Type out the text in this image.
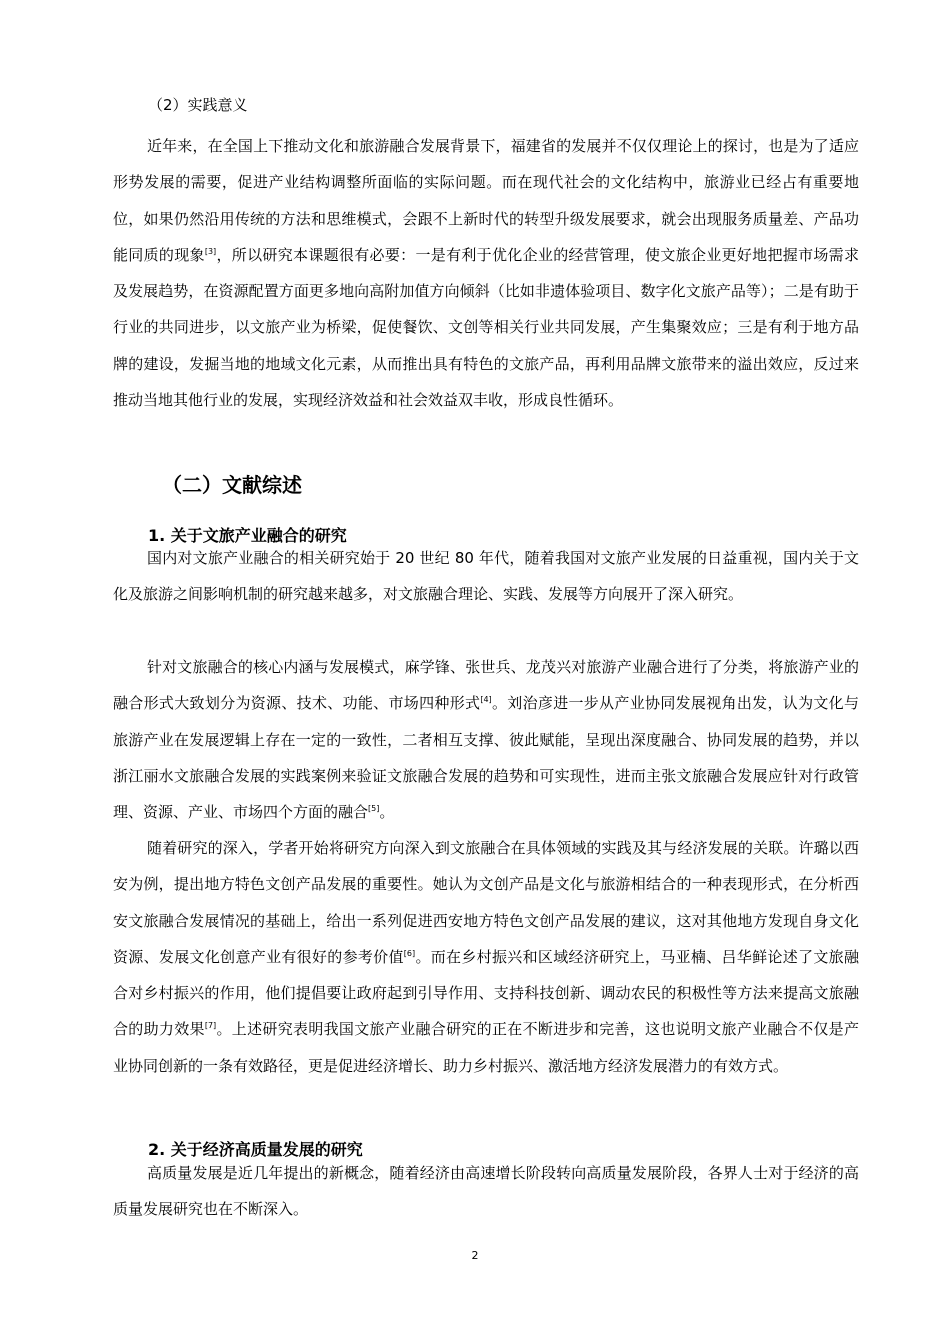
（2）实践意义

近年来，在全国上下推动文化和旅游融合发展背景下，福建省的发展并不仅仅理论上的探讨，也是为了适应形势发展的需要，促进产业结构调整所面临的实际问题。而在现代社会的文化结构中，旅游业已经占有重要地位，如果仍然沿用传统的方法和思维模式，会跟不上新时代的转型升级发展要求，就会出现服务质量差、产品功能同质的现象[3]，所以研究本课题很有必要：一是有利于优化企业的经营管理，使文旅企业更好地把握市场需求及发展趋势，在资源配置方面更多地向高附加值方向倾斜（比如非遗体验项目、数字化文旅产品等）；二是有助于行业的共同进步，以文旅产业为桥梁，促使餐饮、文创等相关行业共同发展，产生集聚效应；三是有利于地方品牌的建设，发掘当地的地域文化元素，从而推出具有特色的文旅产品，再利用品牌文旅带来的溢出效应，反过来推动当地其他行业的发展，实现经济效益和社会效益双丰收，形成良性循环。

（二）文献综述
1. 关于文旅产业融合的研究

国内对文旅产业融合的相关研究始于 20 世纪 80 年代，随着我国对文旅产业发展的日益重视，国内关于文化及旅游之间影响机制的研究越来越多，对文旅融合理论、实践、发展等方向展开了深入研究。

针对文旅融合的核心内涵与发展模式，麻学锋、张世兵、龙茂兴对旅游产业融合进行了分类，将旅游产业的融合形式大致划分为资源、技术、功能、市场四种形式[4]。刘治彦进一步从产业协同发展视角出发，认为文化与旅游产业在发展逻辑上存在一定的一致性，二者相互支撑、彼此赋能，呈现出深度融合、协同发展的趋势，并以浙江丽水文旅融合发展的实践案例来验证文旅融合发展的趋势和可实现性，进而主张文旅融合发展应针对行政管理、资源、产业、市场四个方面的融合[5]。

随着研究的深入，学者开始将研究方向深入到文旅融合在具体领域的实践及其与经济发展的关联。许璐以西安为例，提出地方特色文创产品发展的重要性。她认为文创产品是文化与旅游相结合的一种表现形式，在分析西安文旅融合发展情况的基础上，给出一系列促进西安地方特色文创产品发展的建议，这对其他地方发现自身文化资源、发展文化创意产业有很好的参考价值[6]。而在乡村振兴和区域经济研究上，马亚楠、吕华鲜论述了文旅融合对乡村振兴的作用，他们提倡要让政府起到引导作用、支持科技创新、调动农民的积极性等方法来提高文旅融合的助力效果[7]。上述研究表明我国文旅产业融合研究的正在不断进步和完善，这也说明文旅产业融合不仅是产业协同创新的一条有效路径，更是促进经济增长、助力乡村振兴、激活地方经济发展潜力的有效方式。

2. 关于经济高质量发展的研究

高质量发展是近几年提出的新概念，随着经济由高速增长阶段转向高质量发展阶段，各界人士对于经济的高质量发展研究也在不断深入。

2
